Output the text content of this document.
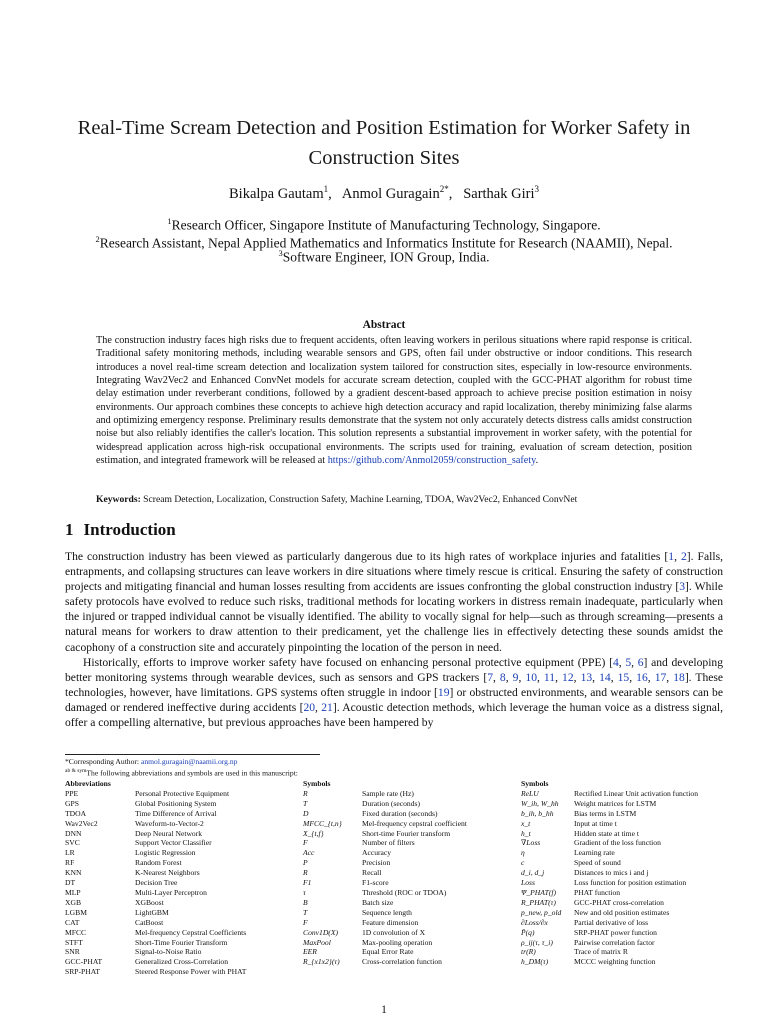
Real-Time Scream Detection and Position Estimation for Worker Safety in Construction Sites
Bikalpa Gautam$^1$,   Anmol Guragain$^{2*}$,   Sarthak Giri$^3$
$^1$Research Officer, Singapore Institute of Manufacturing Technology, Singapore.
$^2$Research Assistant, Nepal Applied Mathematics and Informatics Institute for Research (NAAMII), Nepal.
$^3$Software Engineer, ION Group, India.
Abstract
The construction industry faces high risks due to frequent accidents, often leaving workers in perilous situations where rapid response is critical. Traditional safety monitoring methods, including wearable sensors and GPS, often fail under obstructive or indoor conditions. This research introduces a novel real-time scream detection and localization system tailored for construction sites, especially in low-resource environments. Integrating Wav2Vec2 and Enhanced ConvNet models for accurate scream detection, coupled with the GCC-PHAT algorithm for robust time delay estimation under reverberant conditions, followed by a gradient descent-based approach to achieve precise position estimation in noisy environments. Our approach combines these concepts to achieve high detection accuracy and rapid localization, thereby minimizing false alarms and optimizing emergency response. Preliminary results demonstrate that the system not only accurately detects distress calls amidst construction noise but also reliably identifies the caller's location. This solution represents a substantial improvement in worker safety, with the potential for widespread application across high-risk occupational environments. The scripts used for training, evaluation of scream detection, position estimation, and integrated framework will be released at https://github.com/Anmol2059/construction_safety.
Keywords: Scream Detection, Localization, Construction Safety, Machine Learning, TDOA, Wav2Vec2, Enhanced ConvNet
1 Introduction

The construction industry has been viewed as particularly dangerous due to its high rates of workplace injuries and fatalities [1, 2]. Falls, entrapments, and collapsing structures can leave workers in dire situations where timely rescue is critical. Ensuring the safety of construction projects and mitigating financial and human losses resulting from accidents are issues confronting the global construction industry [3]. While safety protocols have evolved to reduce such risks, traditional methods for locating workers in distress remain inadequate, particularly when the injured or trapped individual cannot be visually identified. The ability to vocally signal for help—such as through screaming—presents a natural means for workers to draw attention to their predicament, yet the challenge lies in effectively detecting these sounds amidst the cacophony of a construction site and accurately pinpointing the location of the person in need.

Historically, efforts to improve worker safety have focused on enhancing personal protective equipment (PPE) [4, 5, 6] and developing better monitoring systems through wearable devices, such as sensors and GPS trackers [7, 8, 9, 10, 11, 12, 13, 14, 15, 16, 17, 18]. These technologies, however, have limitations. GPS systems often struggle in indoor [19] or obstructed environments, and wearable sensors can be damaged or rendered ineffective during accidents [20, 21]. Acoustic detection methods, which leverage the human voice as a distress signal, offer a compelling alternative, but previous approaches have been hampered by

*Corresponding Author: anmol.guragain@naamii.org.np
$^{ab \& sym}$The following abbreviations and symbols are used in this manuscript:
Abbreviations
PPE	Personal Protective Equipment
GPS	Global Positioning System
TDOA	Time Difference of Arrival
Wav2Vec2	Waveform-to-Vector-2
DNN	Deep Neural Network
SVC	Support Vector Classifier
LR	Logistic Regression
RF	Random Forest
KNN	K-Nearest Neighbors
DT	Decision Tree
MLP	Multi-Layer Perceptron
XGB	XGBoost
LGBM	LightGBM
CAT	CatBoost
MFCC	Mel-frequency Cepstral Coefficients
STFT	Short-Time Fourier Transform
SNR	Signal-to-Noise Ratio
GCC-PHAT	Generalized Cross-Correlation
SRP-PHAT	Steered Response Power with PHAT
Symbols
R	Sample rate (Hz)
T	Duration (seconds)
D	Fixed duration (seconds)
MFCC_{t,n}	Mel-frequency cepstral coefficient
X_{t,f}	Short-time Fourier transform
F	Number of filters
Acc	Accuracy
P	Precision
R	Recall
F1	F1-score
τ	Threshold (ROC or TDOA)
B	Batch size
T	Sequence length
F	Feature dimension
Conv1D(X)	1D convolution of X
MaxPool	Max-pooling operation
EER	Equal Error Rate
R_{x1x2}(τ)	Cross-correlation function
Symbols
ReLU	Rectified Linear Unit activation function
W_ih, W_hh	Weight matrices for LSTM
b_ih, b_hh	Bias terms in LSTM
x_t	Input at time t
h_t	Hidden state at time t
∇Loss	Gradient of the loss function
η	Learning rate
c	Speed of sound
d_i, d_j	Distances to mics i and j
Loss	Loss function for position estimation
Ψ_PHAT(f)	PHAT function
R_PHAT(τ)	GCC-PHAT cross-correlation
p_new, p_old	New and old position estimates
∂Loss/∂x	Partial derivative of loss
P̂(q)	SRP-PHAT power function
ρ_ij(τ, τ_i)	Pairwise correlation factor
tr(R)	Trace of matrix R
h_DM(τ)	MCCC weighting function
1
